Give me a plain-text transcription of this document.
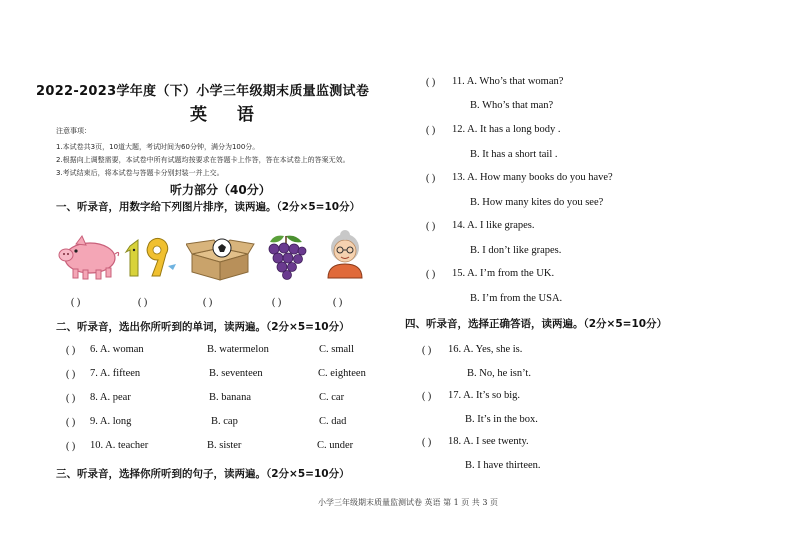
2022-2023学年度（下）小学三年级期末质量监测试卷
英 语
注意事项：
1.本试卷共3页，10道大题，考试时间为60分钟，满分为100分。
2.根据向上调整需要，本试卷中所有试题均按要求在答题卡上作答，答在本试卷上的答案无效。
3.考试结束后，将本试卷与答题卡分别封装一并上交。
听力部分（40分）
一、听录音，用数字给下列图片排序，读两遍。（2分×5=10分）
( )	( )	( )	( )	( )
二、听录音，选出你所听到的单词，读两遍。（2分×5=10分）
( ) 6. A. woman	B. watermelon	C. small
( ) 7. A. fifteen	B. seventeen	C. eighteen
( ) 8. A. pear	B. banana	C. car
( ) 9. A. long	B. cap	C. dad
( ) 10. A. teacher	B. sister	C. under
三、听录音，选择你所听到的句子，读两遍。（2分×5=10分）
( ) 11. A. Who’s that woman?
B. Who’s that man?
( ) 12. A. It has a long body .
B. It has a short tail .
( ) 13. A. How many books do you have?
B. How many kites do you see?
( ) 14. A. I like grapes.
B. I don’t like grapes.
( ) 15. A. I’m from the UK.
B. I’m from the USA.
四、听录音，选择正确答语，读两遍。（2分×5=10分）
( ) 16. A. Yes, she is.
B. No, he isn’t.
( ) 17. A. It’s so big.
B. It’s in the box.
( ) 18. A. I see twenty.
B. I have thirteen.
小学三年级期末质量监测试卷 英语 第 1 页 共 3 页
